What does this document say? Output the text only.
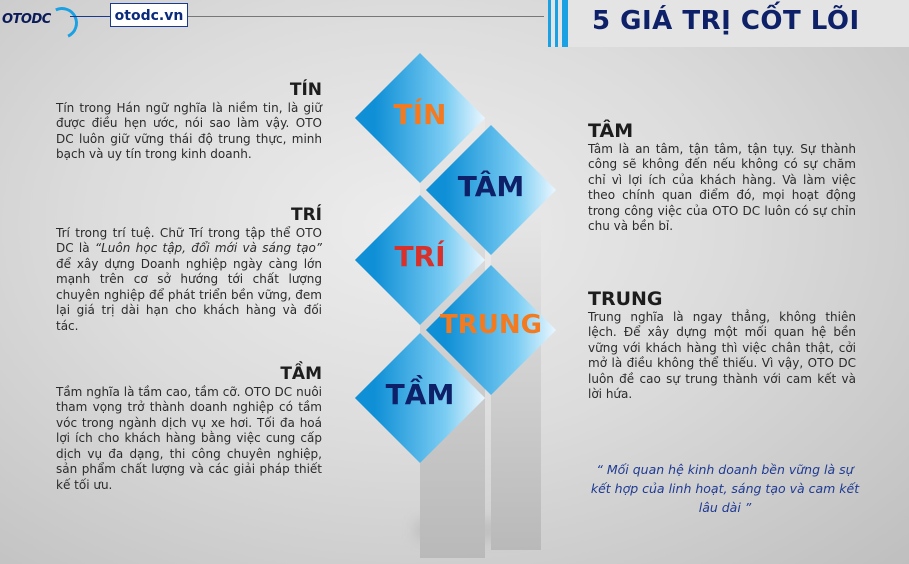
OTODC	otodc.vn	5 GIÁ TRỊ CỐT LÕI

TÍN

Tín trong Hán ngữ nghĩa là niềm tin, là giữ được điều hẹn ước, nói sao làm vậy. OTO DC luôn giữ vững thái độ trung thực, minh bạch và uy tín trong kinh doanh.

TRÍ

Trí trong trí tuệ. Chữ Trí trong tập thể OTO DC là “Luôn học tập, đổi mới và sáng tạo” để xây dựng Doanh nghiệp ngày càng lớn mạnh trên cơ sở hướng tới chất lượng chuyên nghiệp để phát triển bền vững, đem lại giá trị dài hạn cho khách hàng và đối tác.

TẦM

Tầm nghĩa là tầm cao, tầm cỡ. OTO DC nuôi tham vọng trở thành doanh nghiệp có tầm vóc trong ngành dịch vụ xe hơi. Tối đa hoá lợi ích cho khách hàng bằng việc cung cấp dịch vụ đa dạng, thi công chuyên nghiệp, sản phẩm chất lượng và các giải pháp thiết kế tối ưu.

TÂM

Tâm là an tâm, tận tâm, tận tụy. Sự thành công sẽ không đến nếu không có sự chăm chỉ vì lợi ích của khách hàng. Và làm việc theo chính quan điểm đó, mọi hoạt động trong công việc của OTO DC luôn có sự chỉn chu và bền bỉ.

TRUNG

Trung nghĩa là ngay thẳng, không thiên lệch. Để xây dựng một mối quan hệ bền vững với khách hàng thì việc chân thật, cởi mở là điều không thể thiếu. Vì vậy, OTO DC luôn đề cao sự trung thành với cam kết và lời hứa.

“ Mối quan hệ kinh doanh bền vững là sự kết hợp của linh hoạt, sáng tạo và cam kết lâu dài ”
TÍN
TÂM
TRÍ
TRUNG
TẦM
